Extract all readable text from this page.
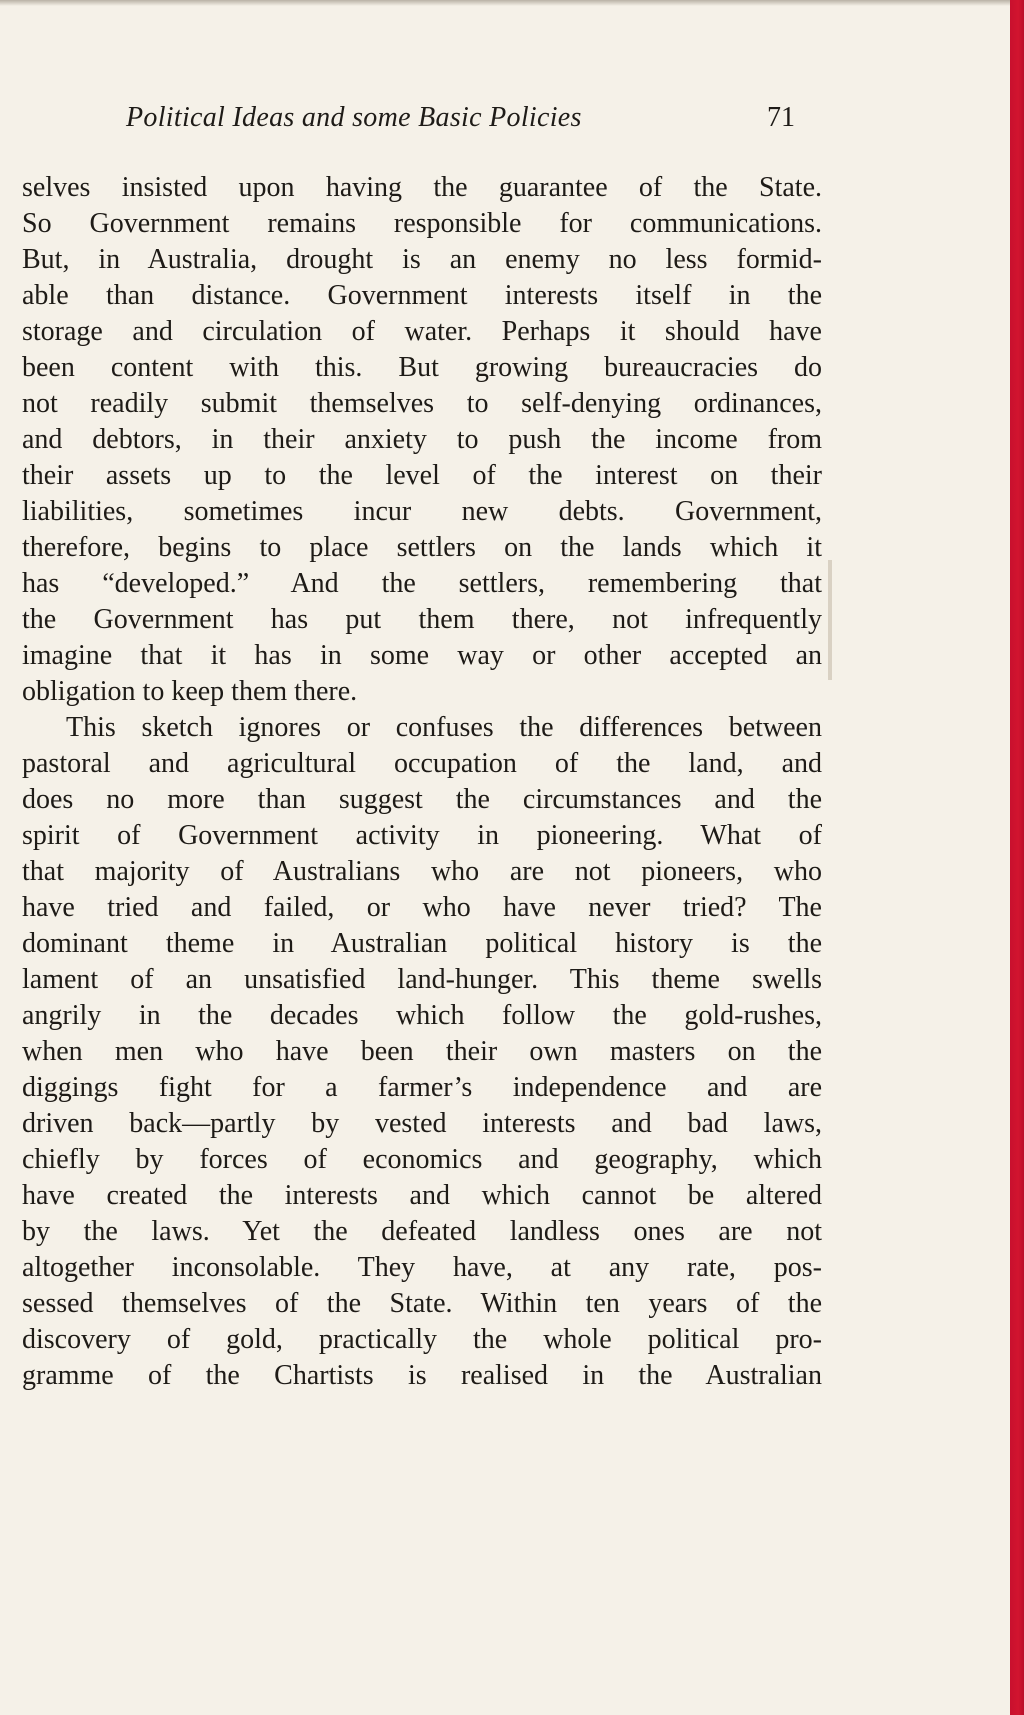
Political Ideas and some Basic Policies	71
selves insisted upon having the guarantee of the State.
So Government remains responsible for communications.
But, in Australia, drought is an enemy no less formid-
able than distance. Government interests itself in the
storage and circulation of water. Perhaps it should have
been content with this. But growing bureaucracies do
not readily submit themselves to self-denying ordinances,
and debtors, in their anxiety to push the income from
their assets up to the level of the interest on their
liabilities, sometimes incur new debts. Government,
therefore, begins to place settlers on the lands which it
has “developed.” And the settlers, remembering that
the Government has put them there, not infrequently
imagine that it has in some way or other accepted an
obligation to keep them there.
This sketch ignores or confuses the differences between
pastoral and agricultural occupation of the land, and
does no more than suggest the circumstances and the
spirit of Government activity in pioneering. What of
that majority of Australians who are not pioneers, who
have tried and failed, or who have never tried? The
dominant theme in Australian political history is the
lament of an unsatisfied land-hunger. This theme swells
angrily in the decades which follow the gold-rushes,
when men who have been their own masters on the
diggings fight for a farmer’s independence and are
driven back—partly by vested interests and bad laws,
chiefly by forces of economics and geography, which
have created the interests and which cannot be altered
by the laws. Yet the defeated landless ones are not
altogether inconsolable. They have, at any rate, pos-
sessed themselves of the State. Within ten years of the
discovery of gold, practically the whole political pro-
gramme of the Chartists is realised in the Australian
